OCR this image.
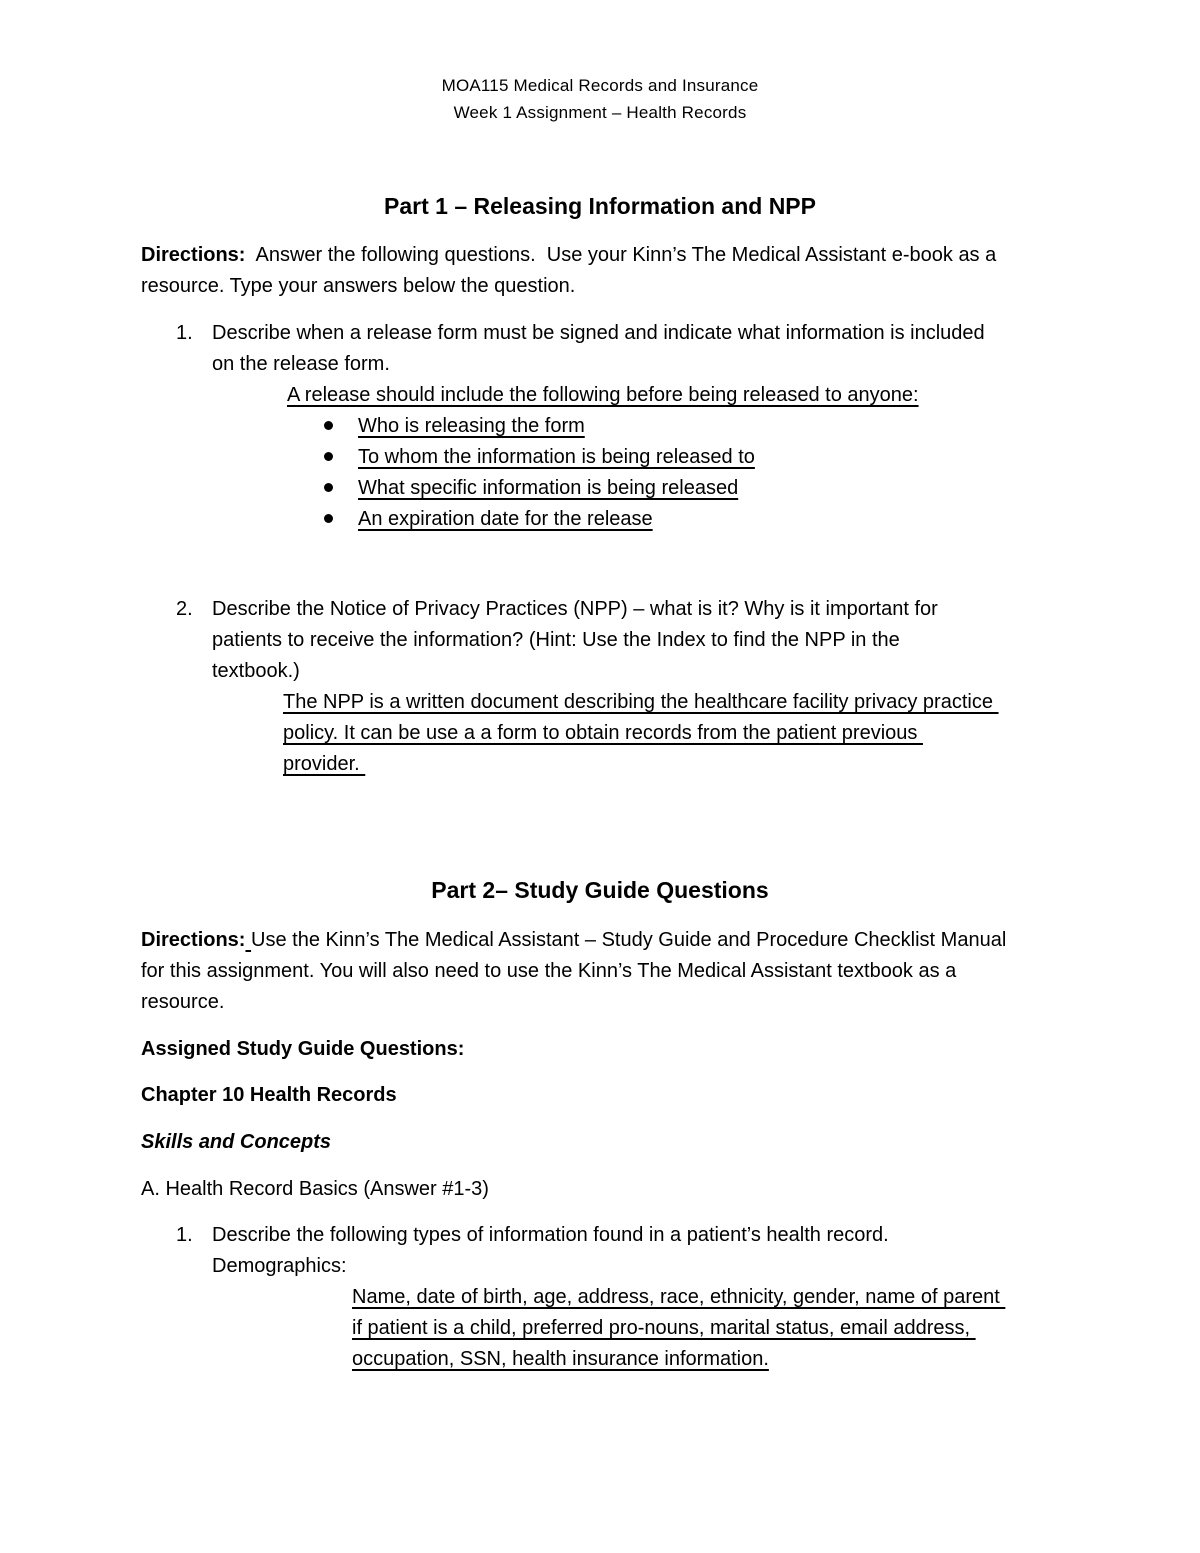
MOA115 Medical Records and Insurance
Week 1 Assignment – Health Records
Part 1 – Releasing Information and NPP
Directions:  Answer the following questions.  Use your Kinn’s The Medical Assistant e-book as a
resource. Type your answers below the question.
1. Describe when a release form must be signed and indicate what information is included
on the release form.
A release should include the following before being released to anyone:
Who is releasing the form
To whom the information is being released to
What specific information is being released
An expiration date for the release
2. Describe the Notice of Privacy Practices (NPP) – what is it? Why is it important for
patients to receive the information? (Hint: Use the Index to find the NPP in the
textbook.)
The NPP is a written document describing the healthcare facility privacy practice
policy. It can be use a a form to obtain records from the patient previous
provider.
Part 2– Study Guide Questions
Directions: Use the Kinn’s The Medical Assistant – Study Guide and Procedure Checklist Manual
for this assignment. You will also need to use the Kinn’s The Medical Assistant textbook as a
resource.
Assigned Study Guide Questions:
Chapter 10 Health Records
Skills and Concepts
A. Health Record Basics (Answer #1-3)
1. Describe the following types of information found in a patient’s health record.
Demographics:
Name, date of birth, age, address, race, ethnicity, gender, name of parent
if patient is a child, preferred pro-nouns, marital status, email address,
occupation, SSN, health insurance information.
